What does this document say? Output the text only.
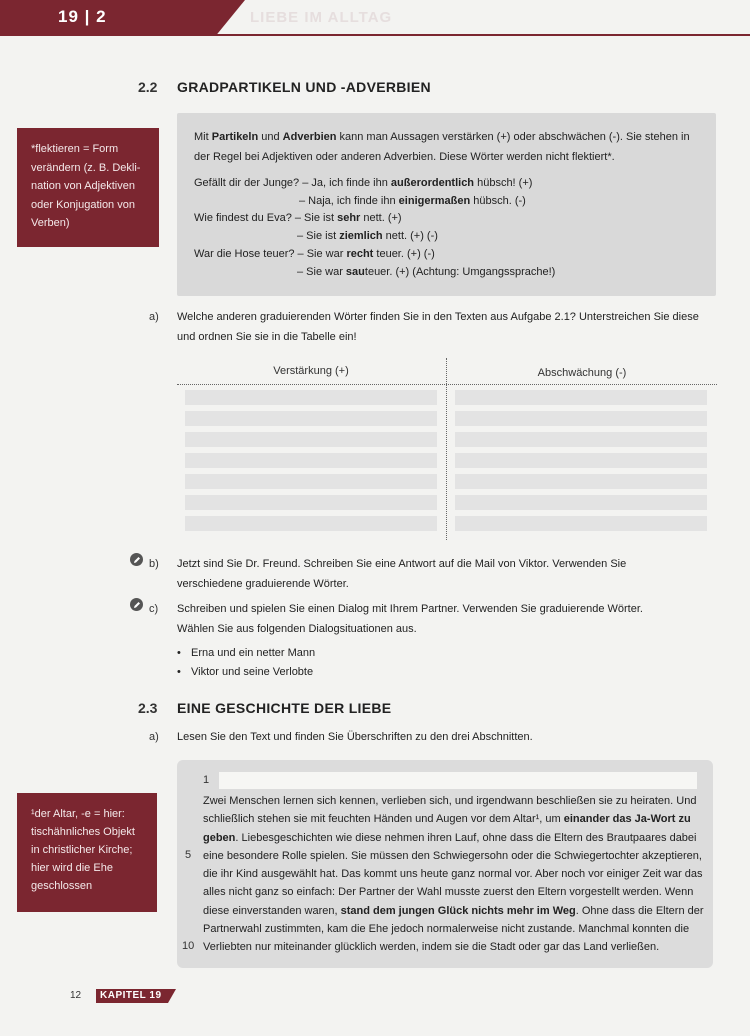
19 | 2	LIEBE IM ALLTAG
2.2 GRADPARTIKELN UND -ADVERBIEN
*flektieren = Form
verändern (z. B. Dekli-
nation von Adjektiven
oder Konjugation von
Verben)
Mit Partikeln und Adverbien kann man Aussagen verstärken (+) oder abschwächen (-). Sie stehen in
der Regel bei Adjektiven oder anderen Adverbien. Diese Wörter werden nicht flektiert*.
Gefällt dir der Junge? – Ja, ich finde ihn außerordentlich hübsch! (+)
– Naja, ich finde ihn einigermaßen hübsch. (-)
Wie findest du Eva? – Sie ist sehr nett. (+)
– Sie ist ziemlich nett. (+) (-)
War die Hose teuer? – Sie war recht teuer. (+) (-)
– Sie war sauteuer. (+) (Achtung: Umgangssprache!)
a) Welche anderen graduierenden Wörter finden Sie in den Texten aus Aufgabe 2.1? Unterstreichen Sie diese
und ordnen Sie sie in die Tabelle ein!
Verstärkung (+)	Abschwächung (-)
b) Jetzt sind Sie Dr. Freund. Schreiben Sie eine Antwort auf die Mail von Viktor. Verwenden Sie
verschiedene graduierende Wörter.
c) Schreiben und spielen Sie einen Dialog mit Ihrem Partner. Verwenden Sie graduierende Wörter.
Wählen Sie aus folgenden Dialogsituationen aus.
• Erna und ein netter Mann
• Viktor und seine Verlobte
2.3 EINE GESCHICHTE DER LIEBE
a) Lesen Sie den Text und finden Sie Überschriften zu den drei Abschnitten.
¹der Altar, -e = hier:
tischähnliches Objekt
in christlicher Kirche;
hier wird die Ehe
geschlossen
1
Zwei Menschen lernen sich kennen, verlieben sich, und irgendwann beschließen sie zu heiraten. Und
schließlich stehen sie mit feuchten Händen und Augen vor dem Altar¹, um einander das Ja-Wort zu
geben. Liebesgeschichten wie diese nehmen ihren Lauf, ohne dass die Eltern des Brautpaares dabei
eine besondere Rolle spielen. Sie müssen den Schwiegersohn oder die Schwiegertochter akzeptieren,
die ihr Kind ausgewählt hat. Das kommt uns heute ganz normal vor. Aber noch vor einiger Zeit war das
alles nicht ganz so einfach: Der Partner der Wahl musste zuerst den Eltern vorgestellt werden. Wenn
diese einverstanden waren, stand dem jungen Glück nichts mehr im Weg. Ohne dass die Eltern der
Partnerwahl zustimmten, kam die Ehe jedoch normalerweise nicht zustande. Manchmal konnten die
Verliebten nur miteinander glücklich werden, indem sie die Stadt oder gar das Land verließen.
5
10
12 KAPITEL 19
